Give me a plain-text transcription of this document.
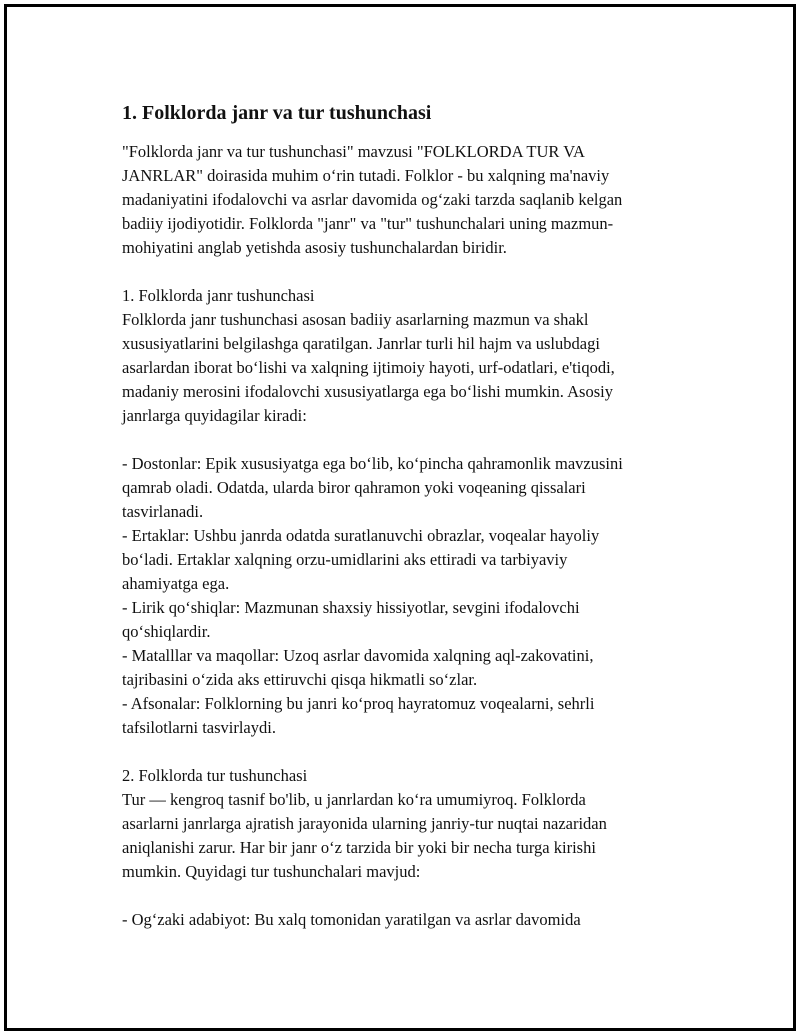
1. Folklorda janr va tur tushunchasi
"Folklorda janr va tur tushunchasi" mavzusi "FOLKLORDA TUR VA
JANRLAR" doirasida muhim o‘rin tutadi. Folklor - bu xalqning ma'naviy
madaniyatini ifodalovchi va asrlar davomida og‘zaki tarzda saqlanib kelgan
badiiy ijodiyotidir. Folklorda "janr" va "tur" tushunchalari uning mazmun-
mohiyatini anglab yetishda asosiy tushunchalardan biridir.
1. Folklorda janr tushunchasi
Folklorda janr tushunchasi asosan badiiy asarlarning mazmun va shakl
xususiyatlarini belgilashga qaratilgan. Janrlar turli hil hajm va uslubdagi
asarlardan iborat bo‘lishi va xalqning ijtimoiy hayoti, urf-odatlari, e'tiqodi,
madaniy merosini ifodalovchi xususiyatlarga ega bo‘lishi mumkin. Asosiy
janrlarga quyidagilar kiradi:
- Dostonlar: Epik xususiyatga ega bo‘lib, ko‘pincha qahramonlik mavzusini
qamrab oladi. Odatda, ularda biror qahramon yoki voqeaning qissalari
tasvirlanadi.
- Ertaklar: Ushbu janrda odatda suratlanuvchi obrazlar, voqealar hayoliy
bo‘ladi. Ertaklar xalqning orzu-umidlarini aks ettiradi va tarbiyaviy
ahamiyatga ega.
- Lirik qo‘shiqlar: Mazmunan shaxsiy hissiyotlar, sevgini ifodalovchi
qo‘shiqlardir.
- Matalllar va maqollar: Uzoq asrlar davomida xalqning aql-zakovatini,
tajribasini o‘zida aks ettiruvchi qisqa hikmatli so‘zlar.
- Afsonalar: Folklorning bu janri ko‘proq hayratomuz voqealarni, sehrli
tafsilotlarni tasvirlaydi.
2. Folklorda tur tushunchasi
Tur — kengroq tasnif bo'lib, u janrlardan ko‘ra umumiyroq. Folklorda
asarlarni janrlarga ajratish jarayonida ularning janriy-tur nuqtai nazaridan
aniqlanishi zarur. Har bir janr o‘z tarzida bir yoki bir necha turga kirishi
mumkin. Quyidagi tur tushunchalari mavjud:
- Og‘zaki adabiyot: Bu xalq tomonidan yaratilgan va asrlar davomida
